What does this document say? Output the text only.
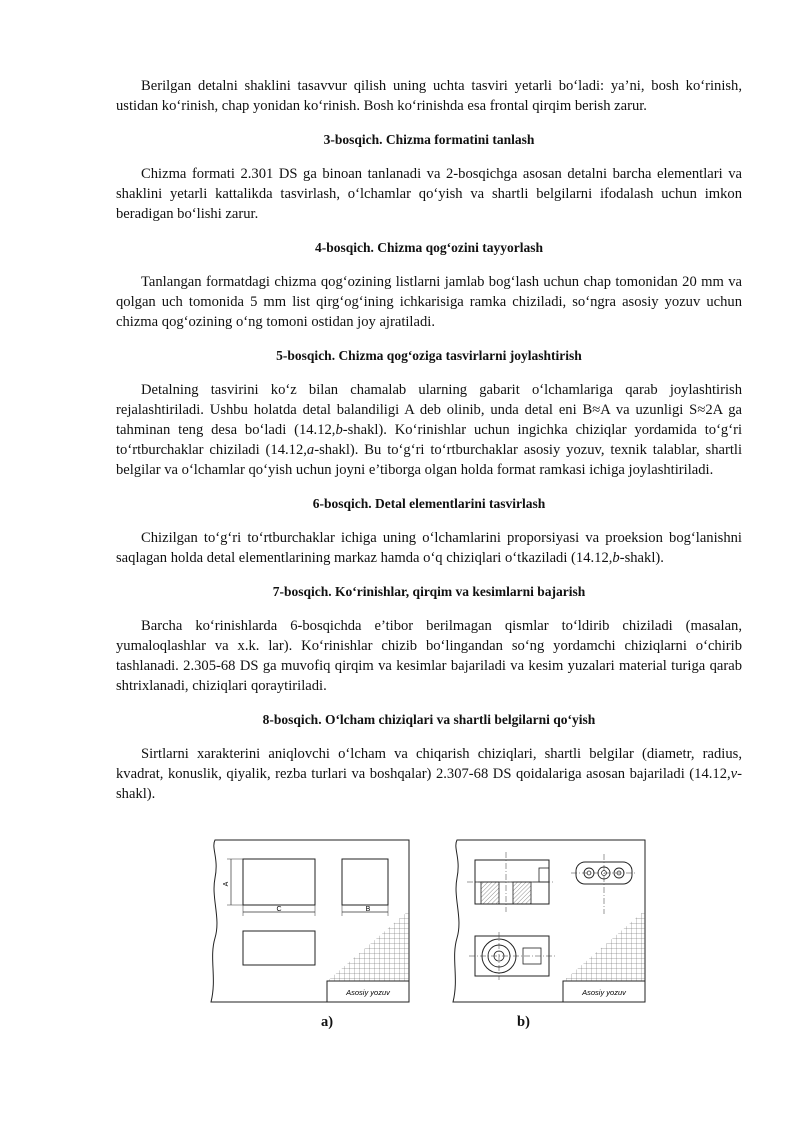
Berilgan detalni shaklini tasavvur qilish uning uchta tasviri yetarli bo‘ladi: ya’ni, bosh ko‘rinish, ustidan ko‘rinish, chap yonidan ko‘rinish. Bosh ko‘rinishda esa frontal qirqim berish zarur.

3-bosqich. Chizma formatini tanlash

Chizma formati 2.301 DS ga binoan tanlanadi va 2-bosqichga asosan detalni barcha elementlari va shaklini yetarli kattalikda tasvirlash, o‘lchamlar qo‘yish va shartli belgilarni ifodalash uchun imkon beradigan bo‘lishi zarur.

4-bosqich. Chizma qog‘ozini tayyorlash

Tanlangan formatdagi chizma qog‘ozining listlarni jamlab bog‘lash uchun chap tomonidan 20 mm va qolgan uch tomonida 5 mm list qirg‘og‘ining ichkarisiga ramka chiziladi, so‘ngra asosiy yozuv uchun chizma qog‘ozining o‘ng tomoni ostidan joy ajratiladi.

5-bosqich. Chizma qog‘oziga tasvirlarni joylashtirish

Detalning tasvirini ko‘z bilan chamalab ularning gabarit o‘lchamlariga qarab joylashtirish rejalashtiriladi. Ushbu holatda detal balandiligi A deb olinib, unda detal eni B≈A va uzunligi S≈2A ga tahminan teng desa bo‘ladi (14.12,b-shakl). Ko‘rinishlar uchun ingichka chiziqlar yordamida to‘g‘ri to‘rtburchaklar chiziladi (14.12,a-shakl). Bu to‘g‘ri to‘rtburchaklar asosiy yozuv, texnik talablar, shartli belgilar va o‘lchamlar qo‘yish uchun joyni e’tiborga olgan holda format ramkasi ichiga joylashtiriladi.

6-bosqich. Detal elementlarini tasvirlash

Chizilgan to‘g‘ri to‘rtburchaklar ichiga uning o‘lchamlarini proporsiyasi va proeksion bog‘lanishni saqlagan holda detal elementlarining markaz hamda o‘q chiziqlari o‘tkaziladi (14.12,b-shakl).

7-bosqich. Ko‘rinishlar, qirqim va kesimlarni bajarish

Barcha ko‘rinishlarda 6-bosqichda e’tibor berilmagan qismlar to‘ldirib chiziladi (masalan, yumaloqlashlar va x.k. lar). Ko‘rinishlar chizib bo‘lingandan so‘ng yordamchi chiziqlarni o‘chirib tashlanadi. 2.305-68 DS ga muvofiq qirqim va kesimlar bajariladi va kesim yuzalari material turiga qarab shtrixlanadi, chiziqlari qoraytiriladi.

8-bosqich. O‘lcham chiziqlari va shartli belgilarni qo‘yish

Sirtlarni xarakterini aniqlovchi o‘lcham va chiqarish chiziqlari, shartli belgilar (diametr, radius, kvadrat, konuslik, qiyalik, rezba turlari va boshqalar) 2.307-68 DS qoidalariga asosan bajariladi (14.12,v-shakl).

A
C	B
Asosiy yozuv
a)
Asosiy yozuv
b)
